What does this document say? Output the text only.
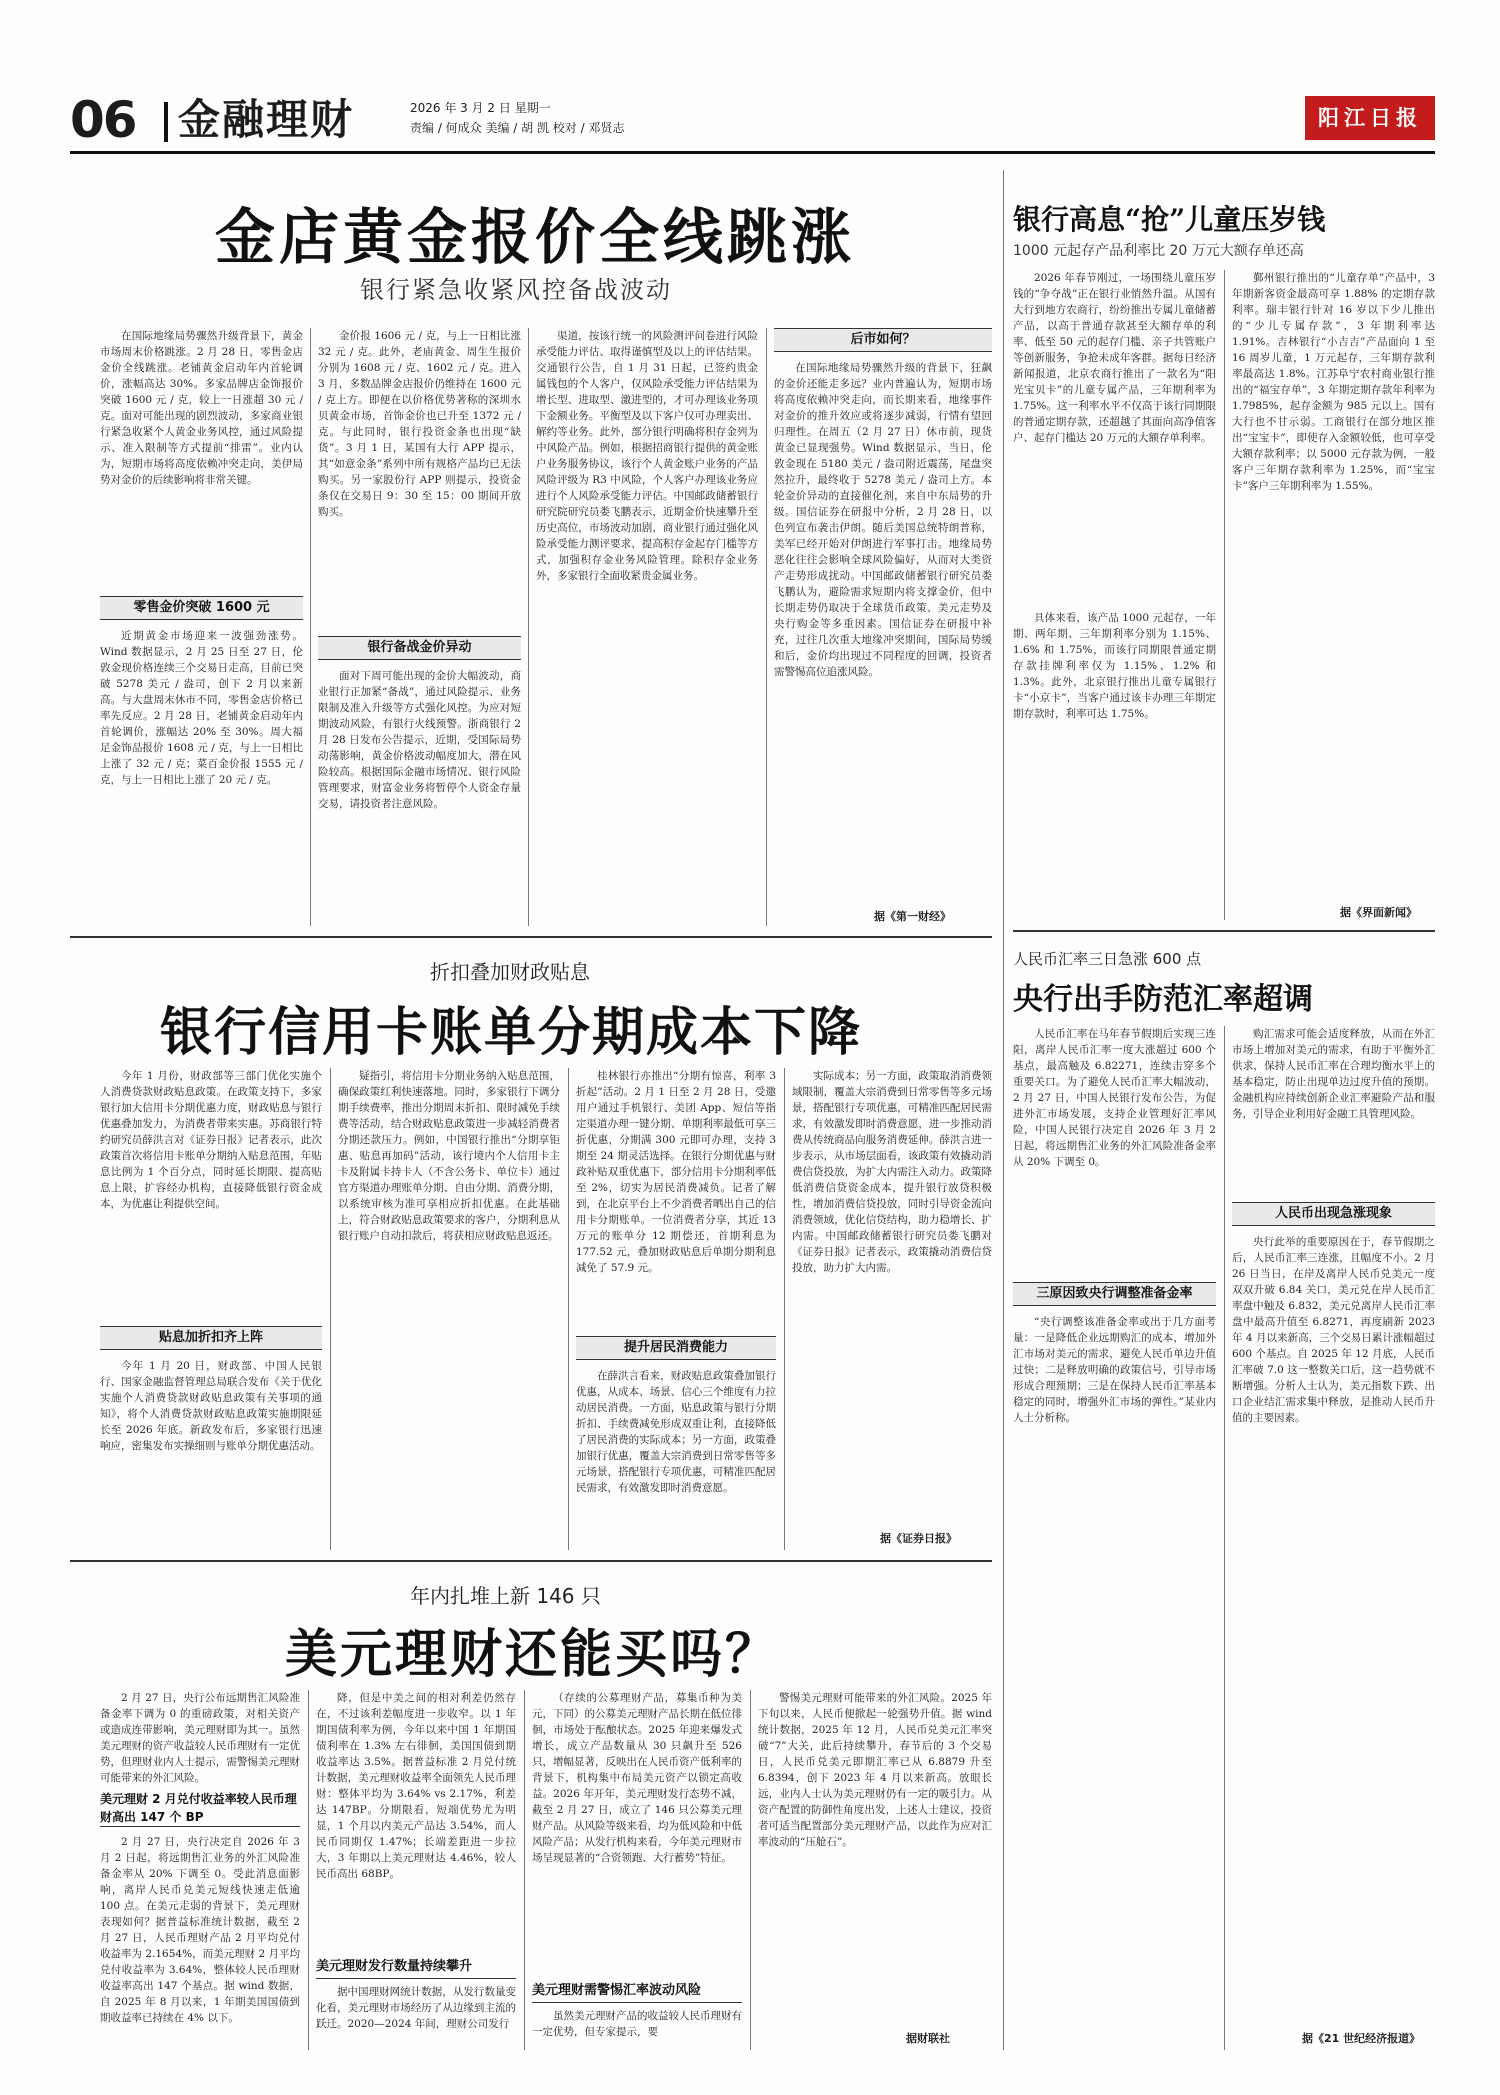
06 金融理财	2026 年 3 月 2 日 星期一
责编 / 何成众 美编 / 胡 凯 校对 / 邓贤志	阳江日报
金店黄金报价全线跳涨
银行紧急收紧风控备战波动

在国际地缘局势骤然升级背景下，黄金市场周末价格跳涨。2 月 28 日，零售金店金价全线跳涨。老铺黄金启动年内首轮调价，涨幅高达 30%。多家品牌店金饰报价突破 1600 元 / 克，较上一日涨超 30 元 / 克。面对可能出现的剧烈波动，多家商业银行紧急收紧个人黄金业务风控，通过风险提示、准入限制等方式提前“排雷”。业内认为，短期市场将高度依赖冲突走向，美伊局势对金价的后续影响将非常关键。

零售金价突破 1600 元

近期黄金市场迎来一波强劲涨势。Wind 数据显示，2 月 25 日至 27 日，伦敦金现价格连续三个交易日走高，目前已突破 5278 美元 / 盎司，创下 2 月以来新高。与大盘周末休市不同，零售金店价格已率先反应。2 月 28 日，老铺黄金启动年内首轮调价，涨幅达 20% 至 30%。周大福足金饰品报价 1608 元 / 克，与上一日相比上涨了 32 元 / 克；菜百金价报 1555 元 / 克，与上一日相比上涨了 20 元 / 克。

金价报 1606 元 / 克，与上一日相比涨 32 元 / 克。此外，老庙黄金、周生生报价分别为 1608 元 / 克、1602 元 / 克。进入 3 月，多数品牌金店报价仍维持在 1600 元 / 克上方。即便在以价格优势著称的深圳水贝黄金市场，首饰金价也已升至 1372 元 / 克。与此同时，银行投资金条也出现“缺货”。3 月 1 日，某国有大行 APP 提示，其“如意金条”系列中所有规格产品均已无法购买。另一家股份行 APP 则提示，投资金条仅在交易日 9：30 至 15：00 期间开放购买。

银行备战金价异动

面对下周可能出现的金价大幅波动，商业银行正加紧“备战”，通过风险提示、业务限制及准入升级等方式强化风控。为应对短期波动风险，有银行火线预警。浙商银行 2 月 28 日发布公告提示，近期，受国际局势动荡影响，黄金价格波动幅度加大，潜在风险较高。根据国际金融市场情况、银行风险管理要求，财富金业务将暂停个人资金存量交易，请投资者注意风险。

渠道，按该行统一的风险测评问卷进行风险承受能力评估、取得谨慎型及以上的评估结果。交通银行公告，自 1 月 31 日起，已签约贵金属钱包的个人客户，仅风险承受能力评估结果为增长型、进取型、激进型的，才可办理该业务项下金额业务。平衡型及以下客户仅可办理卖出、解约等业务。此外，部分银行明确将积存金列为中风险产品。例如，根据招商银行提供的黄金账户业务服务协议，该行个人黄金账户业务的产品风险评级为 R3 中风险，个人客户办理该业务应进行个人风险承受能力评估。中国邮政储蓄银行研究院研究员娄飞鹏表示，近期金价快速攀升至历史高位，市场波动加剧，商业银行通过强化风险承受能力测评要求、提高积存金起存门槛等方式，加强积存金业务风险管理。除积存金业务外，多家银行全面收紧贵金属业务。

后市如何？

在国际地缘局势骤然升级的背景下，狂飙的金价还能走多远？业内普遍认为，短期市场将高度依赖冲突走向，而长期来看，地缘事件对金价的推升效应或将逐步减弱，行情有望回归理性。在周五（2 月 27 日）休市前，现货黄金已显现强势。Wind 数据显示，当日，伦敦金现在 5180 美元 / 盎司附近震荡，尾盘突然拉升，最终收于 5278 美元 / 盎司上方。本轮金价异动的直接催化剂，来自中东局势的升级。国信证券在研报中分析，2 月 28 日，以色列宣布袭击伊朗。随后美国总统特朗普称，美军已经开始对伊朗进行军事打击。地缘局势恶化往往会影响全球风险偏好，从而对大类资产走势形成扰动。中国邮政储蓄银行研究员娄飞鹏认为，避险需求短期内将支撑金价，但中长期走势仍取决于全球货币政策、美元走势及央行购金等多重因素。国信证券在研报中补充，过往几次重大地缘冲突期间，国际局势缓和后，金价均出现过不同程度的回调，投资者需警惕高位追涨风险。

据《第一财经》
折扣叠加财政贴息
银行信用卡账单分期成本下降

今年 1 月份，财政部等三部门优化实施个人消费贷款财政贴息政策。在政策支持下，多家银行加大信用卡分期优惠力度，财政贴息与银行优惠叠加发力，为消费者带来实惠。苏商银行特约研究员薛洪言对《证券日报》记者表示，此次政策首次将信用卡账单分期纳入贴息范围，年贴息比例为 1 个百分点，同时延长期限、提高贴息上限，扩容经办机构，直接降低银行资金成本，为优惠让利提供空间。

贴息加折扣齐上阵

今年 1 月 20 日，财政部、中国人民银行、国家金融监督管理总局联合发布《关于优化实施个人消费贷款财政贴息政策有关事项的通知》，将个人消费贷款财政贴息政策实施期限延长至 2026 年底。新政发布后，多家银行迅速响应，密集发布实操细则与账单分期优惠活动。

疑指引，将信用卡分期业务纳入贴息范围，确保政策红利快速落地。同时，多家银行下调分期手续费率，推出分期周末折扣、限时减免手续费等活动，结合财政贴息政策进一步减轻消费者分期还款压力。例如，中国银行推出“分期享钜惠、贴息再加码”活动，该行境内个人信用卡主卡及附属卡持卡人（不含公务卡、单位卡）通过官方渠道办理账单分期、自由分期、消费分期，以系统审核为准可享相应折扣优惠。在此基础上，符合财政贴息政策要求的客户，分期利息从银行账户自动扣款后，将获相应财政贴息返还。

桂林银行亦推出“分期有惊喜，利率 3 折起”活动。2 月 1 日至 2 月 28 日，受邀用户通过手机银行、美团 App、短信等指定渠道办理一键分期、单期利率最低可享三折优惠，分期满 300 元即可办理，支持 3 期至 24 期灵活选择。在银行分期优惠与财政补贴双重优惠下，部分信用卡分期利率低至 2%，切实为居民消费减负。记者了解到，在北京平台上不少消费者晒出自己的信用卡分期账单。一位消费者分享，其近 13 万元的账单分 12 期偿还，首期利息为 177.52 元，叠加财政贴息后单期分期利息减免了 57.9 元。

提升居民消费能力

在薛洪言看来，财政贴息政策叠加银行优惠，从成本、场景、信心三个维度有力拉动居民消费。一方面，贴息政策与银行分期折扣、手续费减免形成双重让利，直接降低了居民消费的实际成本；另一方面，政策叠加银行优惠，覆盖大宗消费到日常零售等多元场景，搭配银行专项优惠，可精准匹配居民需求，有效激发即时消费意愿。

实际成本；另一方面，政策取消消费领域限制，覆盖大宗消费到日常零售等多元场景，搭配银行专项优惠，可精准匹配居民需求，有效激发即时消费意愿，进一步推动消费从传统商品向服务消费延伸。薛洪言进一步表示，从市场层面看，该政策有效撬动消费信贷投放，为扩大内需注入动力。政策降低消费信贷资金成本，提升银行放贷积极性，增加消费信贷投放，同时引导资金流向消费领域，优化信贷结构，助力稳增长、扩内需。中国邮政储蓄银行研究员娄飞鹏对《证券日报》记者表示，政策撬动消费信贷投放，助力扩大内需。

据《证券日报》
年内扎堆上新 146 只
美元理财还能买吗？

2 月 27 日，央行公布远期售汇风险准备金率下调为 0 的重磅政策，对相关资产或造成连带影响，美元理财即为其一。虽然美元理财的资产收益较人民币理财有一定优势，但理财业内人士提示，需警惕美元理财可能带来的外汇风险。

美元理财 2 月兑付收益率较人民币理财高出 147 个 BP

2 月 27 日，央行决定自 2026 年 3 月 2 日起，将远期售汇业务的外汇风险准备金率从 20% 下调至 0。受此消息面影响，离岸人民币兑美元短线快速走低逾 100 点。在美元走弱的背景下，美元理财表现如何？据普益标准统计数据，截至 2 月 27 日，人民币理财产品 2 月平均兑付收益率为 2.1654%，而美元理财 2 月平均兑付收益率为 3.64%，整体较人民币理财收益率高出 147 个基点。据 wind 数据，自 2025 年 8 月以来，1 年期美国国债到期收益率已持续在 4% 以下。

降，但是中美之间的相对利差仍然存在，不过该利差幅度进一步收窄。以 1 年期国债利率为例，今年以来中国 1 年期国债利率在 1.3% 左右徘徊，美国国债到期收益率达 3.5%。据普益标准 2 月兑付统计数据，美元理财收益率全面领先人民币理财：整体平均为 3.64% vs 2.17%，利差达 147BP。分期限看，短端优势尤为明显，1 个月以内美元产品达 3.54%，而人民币同期仅 1.47%；长端差距进一步拉大，3 年期以上美元理财达 4.46%，较人民币高出 68BP。

美元理财发行数量持续攀升

据中国理财网统计数据，从发行数量变化看，美元理财市场经历了从边缘到主流的跃迁。2020—2024 年间，理财公司发行

（存续的公募理财产品，募集币种为美元，下同）的公募美元理财产品长期在低位徘徊，市场处于酝酿状态。2025 年迎来爆发式增长，成立产品数量从 30 只飙升至 526 只，增幅显著，反映出在人民币资产低利率的背景下，机构集中布局美元资产以锁定高收益。2026 年开年，美元理财发行态势不减，截至 2 月 27 日，成立了 146 只公募美元理财产品。从风险等级来看，均为低风险和中低风险产品；从发行机构来看，今年美元理财市场呈现显著的“合资领跑、大行蓄势”特征。

美元理财需警惕汇率波动风险

虽然美元理财产品的收益较人民币理财有一定优势，但专家提示，要

警惕美元理财可能带来的外汇风险。2025 年下旬以来，人民币便掀起一轮强势升值。据 wind 统计数据，2025 年 12 月，人民币兑美元汇率突破“7”大关，此后持续攀升，春节后的 3 个交易日，人民币兑美元即期汇率已从 6.8879 升至 6.8394，创下 2023 年 4 月以来新高。放眼长远，业内人士认为美元理财仍有一定的吸引力。从资产配置的防御性角度出发，上述人士建议，投资者可适当配置部分美元理财产品，以此作为应对汇率波动的“压舱石”。

据财联社
银行高息“抢”儿童压岁钱
1000 元起存产品利率比 20 万元大额存单还高

2026 年春节刚过，一场围绕儿童压岁钱的“争夺战”正在银行业悄然升温。从国有大行到地方农商行，纷纷推出专属儿童储蓄产品，以高于普通存款甚至大额存单的利率、低至 50 元的起存门槛、亲子共管账户等创新服务，争抢未成年客群。据每日经济新闻报道，北京农商行推出了一款名为“阳光宝贝卡”的儿童专属产品，三年期利率为 1.75%。这一利率水平不仅高于该行同期限的普通定期存款，还超越了其面向高净值客户、起存门槛达 20 万元的大额存单利率。

具体来看，该产品 1000 元起存，一年期、两年期、三年期利率分别为 1.15%、1.6% 和 1.75%，而该行同期限普通定期存款挂牌利率仅为 1.15%、1.2% 和 1.3%。此外，北京银行推出儿童专属银行卡“小京卡”，当客户通过该卡办理三年期定期存款时，利率可达 1.75%。

鄞州银行推出的“儿童存单”产品中，3 年期新客资金最高可享 1.88% 的定期存款利率。瑞丰银行针对 16 岁以下少儿推出的“少儿专属存款”，3 年期利率达 1.91%。吉林银行“小吉吉”产品面向 1 至 16 周岁儿童，1 万元起存，三年期存款利率最高达 1.8%。江苏阜宁农村商业银行推出的“福宝存单”，3 年期定期存款年利率为 1.7985%，起存金额为 985 元以上。国有大行也不甘示弱。工商银行在部分地区推出“宝宝卡”，即使存入金额较低，也可享受大额存款利率；以 5000 元存款为例，一般客户三年期存款利率为 1.25%，而“宝宝卡”客户三年期利率为 1.55%。

据《界面新闻》
人民币汇率三日急涨 600 点
央行出手防范汇率超调

人民币汇率在马年春节假期后实现三连阳，离岸人民币汇率一度大涨超过 600 个基点，最高触及 6.82271，连续击穿多个重要关口。为了避免人民币汇率大幅波动，2 月 27 日，中国人民银行发布公告，为促进外汇市场发展，支持企业管理好汇率风险，中国人民银行决定自 2026 年 3 月 2 日起，将远期售汇业务的外汇风险准备金率从 20% 下调至 0。

三原因致央行调整准备金率

“央行调整该准备金率或出于几方面考量：一是降低企业远期购汇的成本，增加外汇市场对美元的需求，避免人民币单边升值过快；二是释放明确的政策信号，引导市场形成合理预期；三是在保持人民币汇率基本稳定的同时，增强外汇市场的弹性。”某业内人士分析称。

购汇需求可能会适度释放，从而在外汇市场上增加对美元的需求，有助于平衡外汇供求，保持人民币汇率在合理均衡水平上的基本稳定，防止出现单边过度升值的预期。金融机构应持续创新企业汇率避险产品和服务，引导企业利用好金融工具管理风险。

人民币出现急涨现象

央行此举的重要原因在于，春节假期之后，人民币汇率三连涨，且幅度不小。2 月 26 日当日，在岸及离岸人民币兑美元一度双双升破 6.84 关口，美元兑在岸人民币汇率盘中触及 6.832，美元兑离岸人民币汇率盘中最高升值至 6.8271，再度刷新 2023 年 4 月以来新高，三个交易日累计涨幅超过 600 个基点。自 2025 年 12 月底，人民币汇率破 7.0 这一整数关口后，这一趋势就不断增强。分析人士认为，美元指数下跌、出口企业结汇需求集中释放，是推动人民币升值的主要因素。

据《21 世纪经济报道》
